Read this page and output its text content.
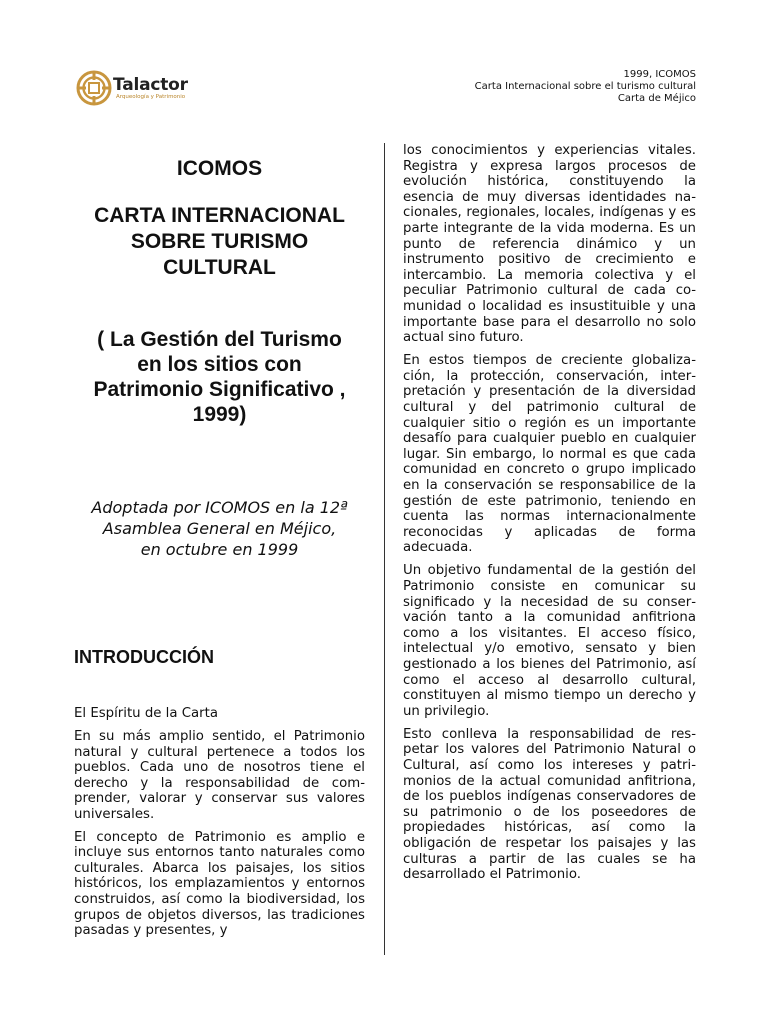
Talactor
Arqueología y Patrimonio
1999, ICOMOS
Carta Internacional sobre el turismo cultural
Carta de Méjico
ICOMOS
CARTA INTERNACIONAL
SOBRE TURISMO
CULTURAL
( La Gestión del Turismo
en los sitios con
Patrimonio Significativo ,
1999)
Adoptada por ICOMOS en la 12ª
Asamblea General en Méjico,
en octubre en 1999
INTRODUCCIÓN
El Espíritu de la Carta

En su más amplio sentido, el Patrimonio natural y cultural pertenece a todos los pueblos. Cada uno de nosotros tiene el derecho y la responsabilidad de comprender, valorar y conservar sus valores universales.

El concepto de Patrimonio es amplio e incluye sus entornos tanto naturales como culturales. Abarca los paisajes, los sitios históricos, los emplazamientos y entornos construidos, así como la biodiversidad, los grupos de objetos diversos, las tradiciones pasadas y presentes, y

los conocimientos y experiencias vitales. Registra y expresa largos procesos de evolución histórica, constituyendo la esencia de muy diversas identidades nacionales, regionales, locales, indígenas y es parte integrante de la vida moderna. Es un punto de referencia dinámico y un instrumento positivo de crecimiento e intercambio. La memoria colectiva y el peculiar Patrimonio cultural de cada comunidad o localidad es insustituible y una importante base para el desarrollo no solo actual sino futuro.

En estos tiempos de creciente globalización, la protección, conservación, interpretación y presentación de la diversidad cultural y del patrimonio cultural de cualquier sitio o región es un importante desafío para cualquier pueblo en cualquier lugar. Sin embargo, lo normal es que cada comunidad en concreto o grupo implicado en la conservación se responsabilice de la gestión de este patrimonio, teniendo en cuenta las normas internacionalmente reconocidas y aplicadas de forma adecuada.

Un objetivo fundamental de la gestión del Patrimonio consiste en comunicar su significado y la necesidad de su conservación tanto a la comunidad anfitriona como a los visitantes. El acceso físico, intelectual y/o emotivo, sensato y bien gestionado a los bienes del Patrimonio, así como el acceso al desarrollo cultural, constituyen al mismo tiempo un derecho y un privilegio.

Esto conlleva la responsabilidad de respetar los valores del Patrimonio Natural o Cultural, así como los intereses y patrimonios de la actual comunidad anfitriona, de los pueblos indígenas conservadores de su patrimonio o de los poseedores de propiedades históricas, así como la obligación de respetar los paisajes y las culturas a partir de las cuales se ha desarrollado el Patrimonio.
